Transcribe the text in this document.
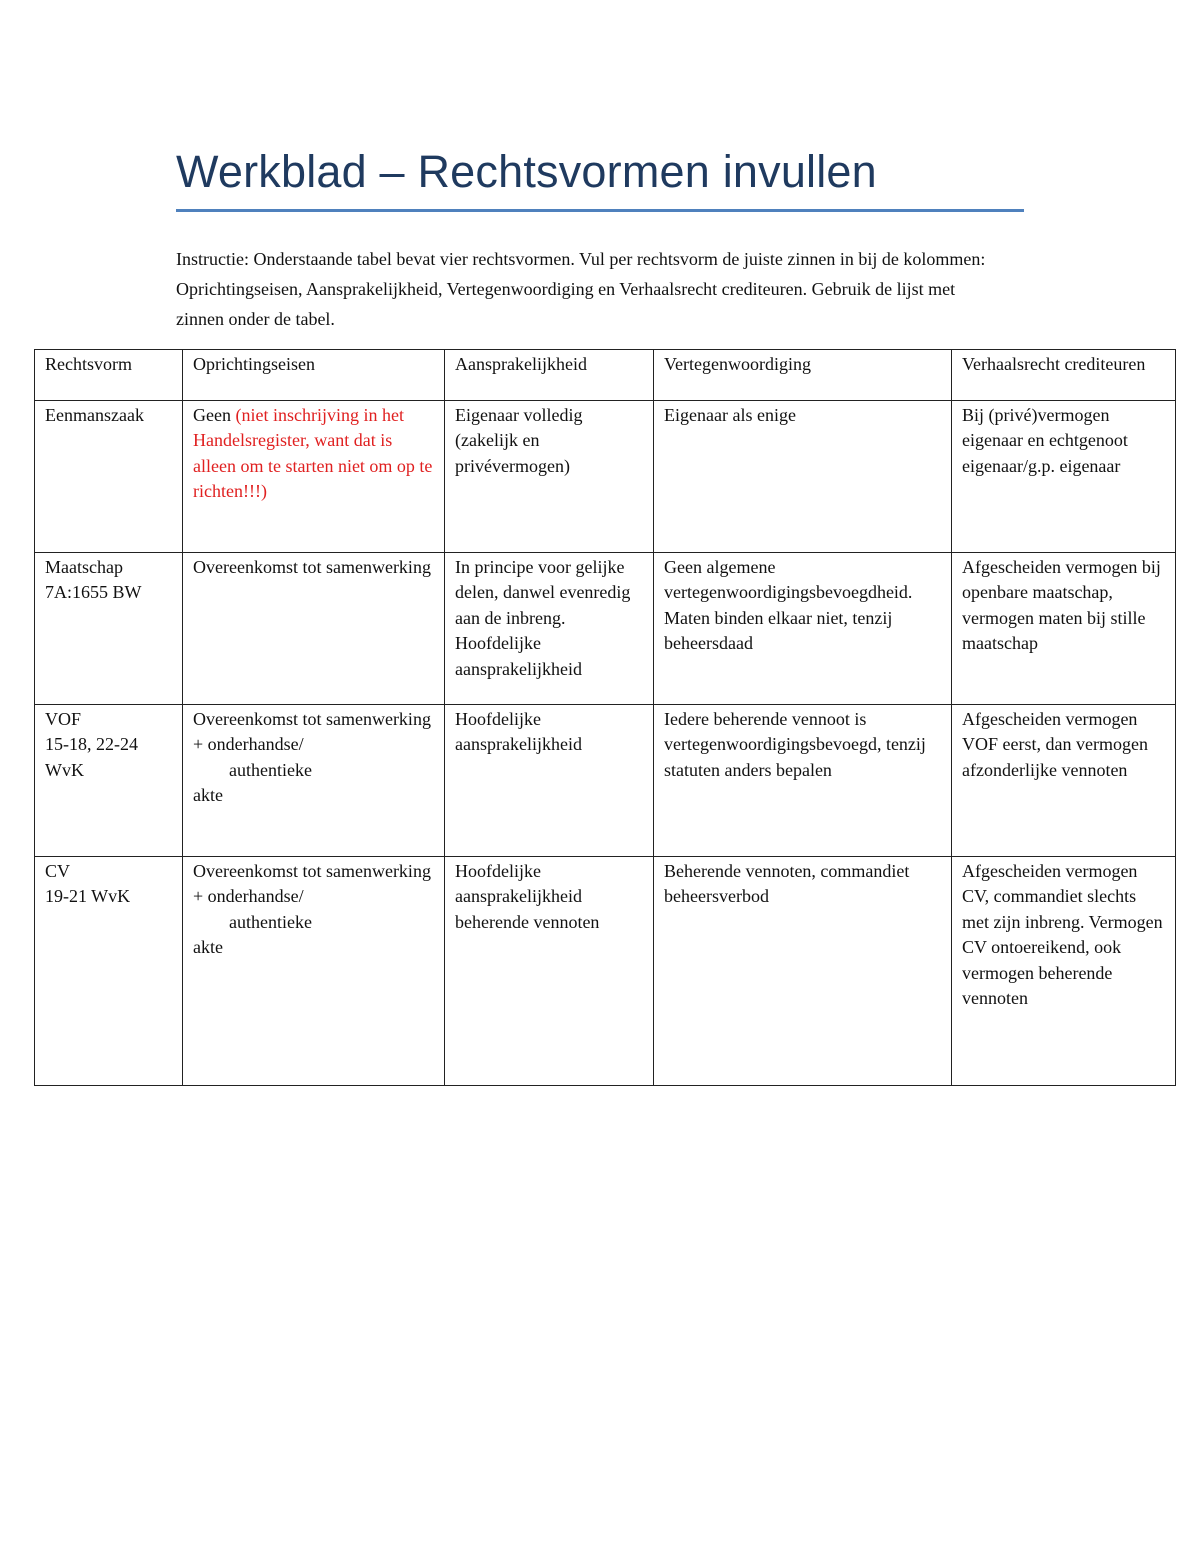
Werkblad – Rechtsvormen invullen

Instructie: Onderstaande tabel bevat vier rechtsvormen. Vul per rechtsvorm de juiste zinnen in bij de kolommen: Oprichtingseisen, Aansprakelijkheid, Vertegenwoordiging en Verhaalsrecht crediteuren. Gebruik de lijst met zinnen onder de tabel.

Rechtsvorm	Oprichtingseisen	Aansprakelijkheid	Vertegenwoordiging	Verhaalsrecht crediteuren

Eenmanszaak	Geen (niet inschrijving in het Handelsregister, want dat is alleen om te starten niet om op te richten!!!)	Eigenaar volledig (zakelijk en privévermogen)	Eigenaar als enige	Bij (privé)vermogen eigenaar en echtgenoot eigenaar/g.p. eigenaar

Maatschap
7A:1655 BW	Overeenkomst tot samenwerking	In principe voor gelijke delen, danwel evenredig aan de inbreng. Hoofdelijke aansprakelijkheid	Geen algemene vertegenwoordigingsbevoegdheid. Maten binden elkaar niet, tenzij beheersdaad	Afgescheiden vermogen bij openbare maatschap, vermogen maten bij stille maatschap

VOF
15-18, 22-24
WvK	Overeenkomst tot samenwerking + onderhandse/
authentieke
akte	Hoofdelijke aansprakelijkheid	Iedere beherende vennoot is vertegenwoordigingsbevoegd, tenzij statuten anders bepalen	Afgescheiden vermogen VOF eerst, dan vermogen afzonderlijke vennoten

CV
19-21 WvK	Overeenkomst tot samenwerking + onderhandse/
authentieke
akte	Hoofdelijke aansprakelijkheid beherende vennoten	Beherende vennoten, commandiet beheersverbod	Afgescheiden vermogen CV, commandiet slechts met zijn inbreng. Vermogen CV ontoereikend, ook vermogen beherende vennoten
